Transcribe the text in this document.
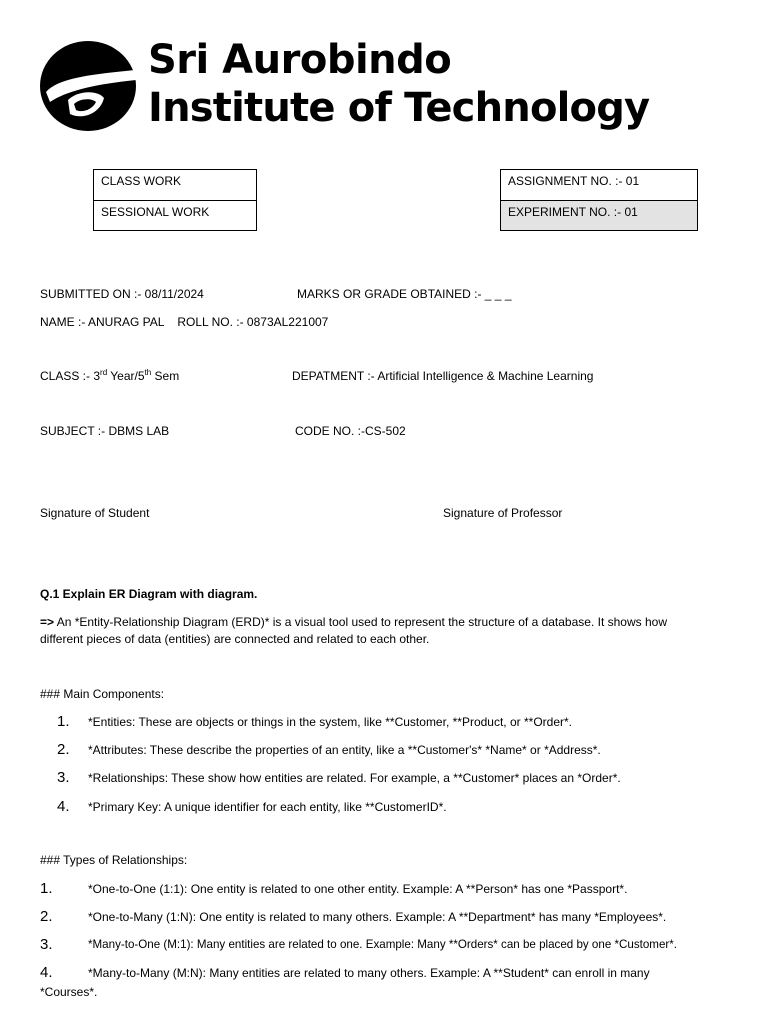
Sri Aurobindo
Institute of Technology
CLASS WORK
SESSIONAL WORK
ASSIGNMENT NO. :- 01
EXPERIMENT NO. :- 01
SUBMITTED ON :- 08/11/2024	MARKS OR GRADE OBTAINED :- _ _ _
NAME :- ANURAG PAL    ROLL NO. :- 0873AL221007
CLASS :- 3rd Year/5th Sem	DEPATMENT :- Artificial Intelligence & Machine Learning
SUBJECT :- DBMS LAB	CODE NO. :-CS-502
Signature of Student	Signature of Professor
Q.1 Explain ER Diagram with diagram.
=> An *Entity-Relationship Diagram (ERD)* is a visual tool used to represent the structure of a database. It shows how
different pieces of data (entities) are connected and related to each other.
### Main Components:
1. *Entities: These are objects or things in the system, like **Customer, **Product, or **Order*.
2. *Attributes: These describe the properties of an entity, like a **Customer's* *Name* or *Address*.
3. *Relationships: These show how entities are related. For example, a **Customer* places an *Order*.
4. *Primary Key: A unique identifier for each entity, like **CustomerID*.
### Types of Relationships:
1.	*One-to-One (1:1): One entity is related to one other entity. Example: A **Person* has one *Passport*.
2.	*One-to-Many (1:N): One entity is related to many others. Example: A **Department* has many *Employees*.
3.	*Many-to-One (M:1): Many entities are related to one. Example: Many **Orders* can be placed by one *Customer*.
4.	*Many-to-Many (M:N): Many entities are related to many others. Example: A **Student* can enroll in many
*Courses*.
